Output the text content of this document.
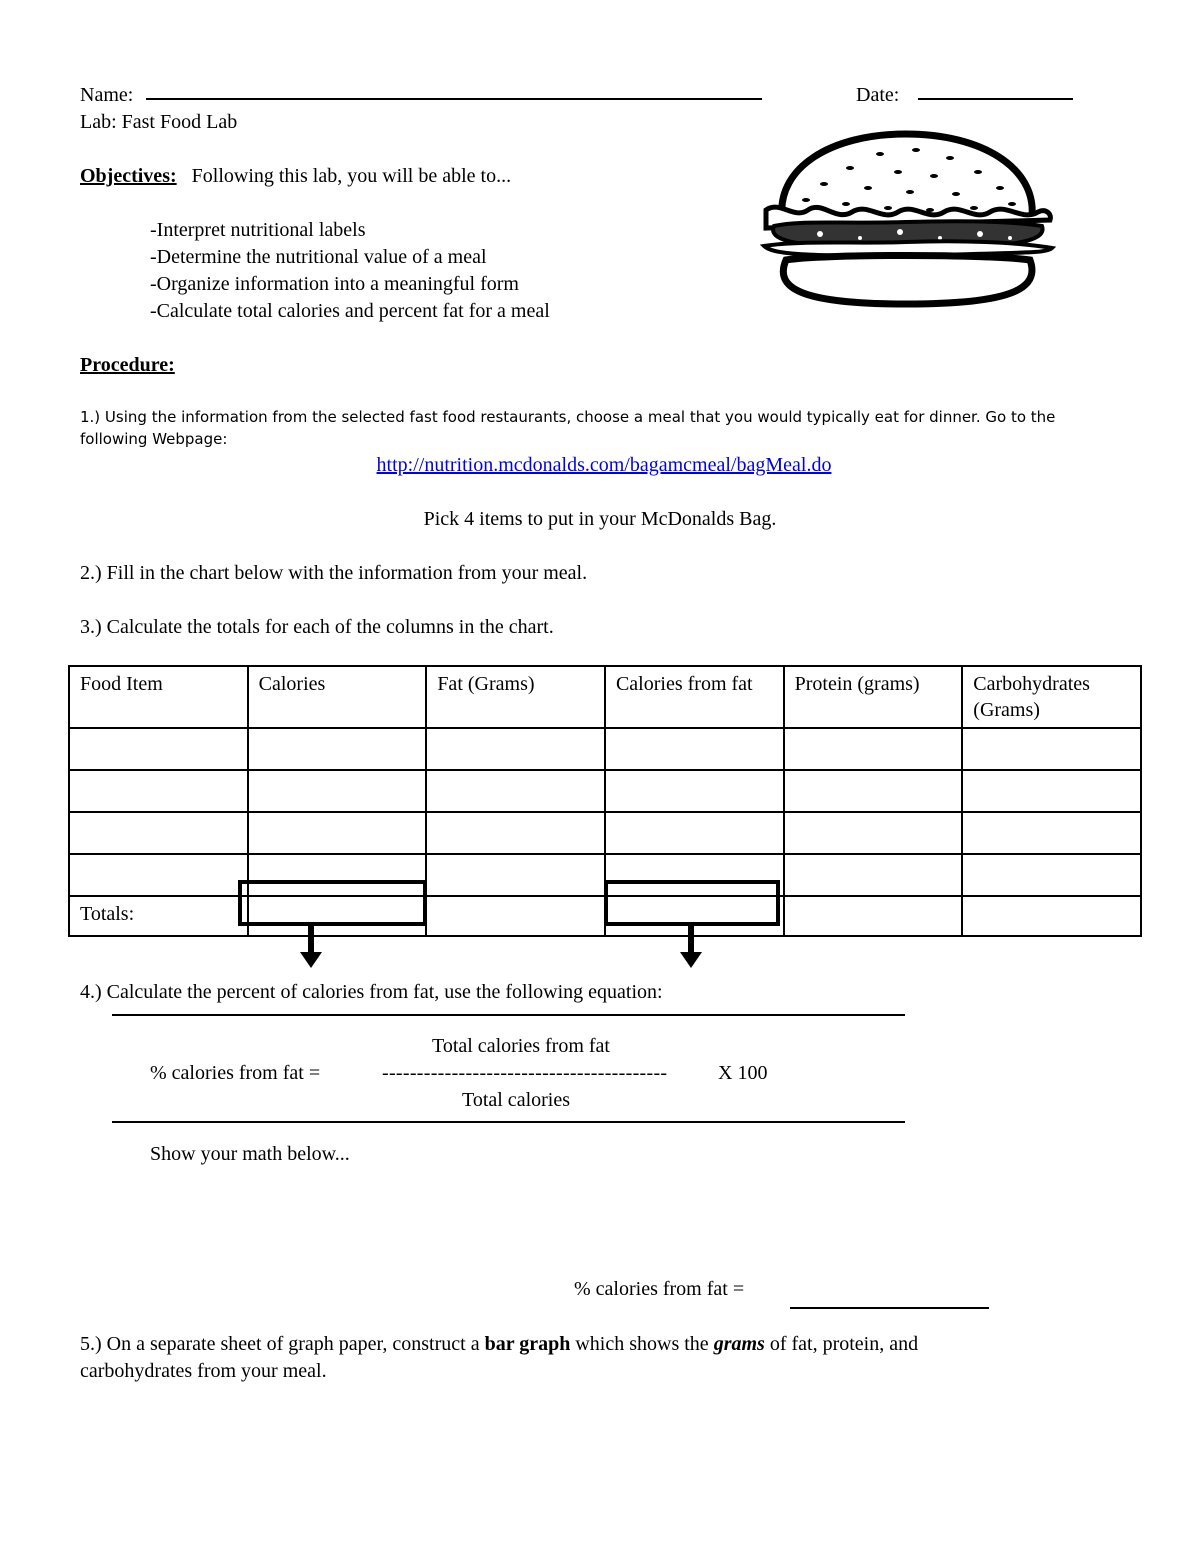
Name:	Date:
Lab: Fast Food Lab
Objectives: Following this lab, you will be able to...
-Interpret nutritional labels
-Determine the nutritional value of a meal
-Organize information into a meaningful form
-Calculate total calories and percent fat for a meal
Procedure:
1.) Using the information from the selected fast food restaurants, choose a meal that you would typically eat for dinner. Go to the
following Webpage:
http://nutrition.mcdonalds.com/bagamcmeal/bagMeal.do
Pick 4 items to put in your McDonalds Bag.
2.) Fill in the chart below with the information from your meal.
3.) Calculate the totals for each of the columns in the chart.
Food Item	Calories	Fat (Grams)	Calories from fat	Protein (grams)	Carbohydrates (Grams)

Totals:					
4.) Calculate the percent of calories from fat, use the following equation:
Total calories from fat
% calories from fat =	-----------------------------------------	X 100
Total calories
Show your math below...
% calories from fat =
5.) On a separate sheet of graph paper, construct a bar graph which shows the grams of fat, protein, and
carbohydrates from your meal.
